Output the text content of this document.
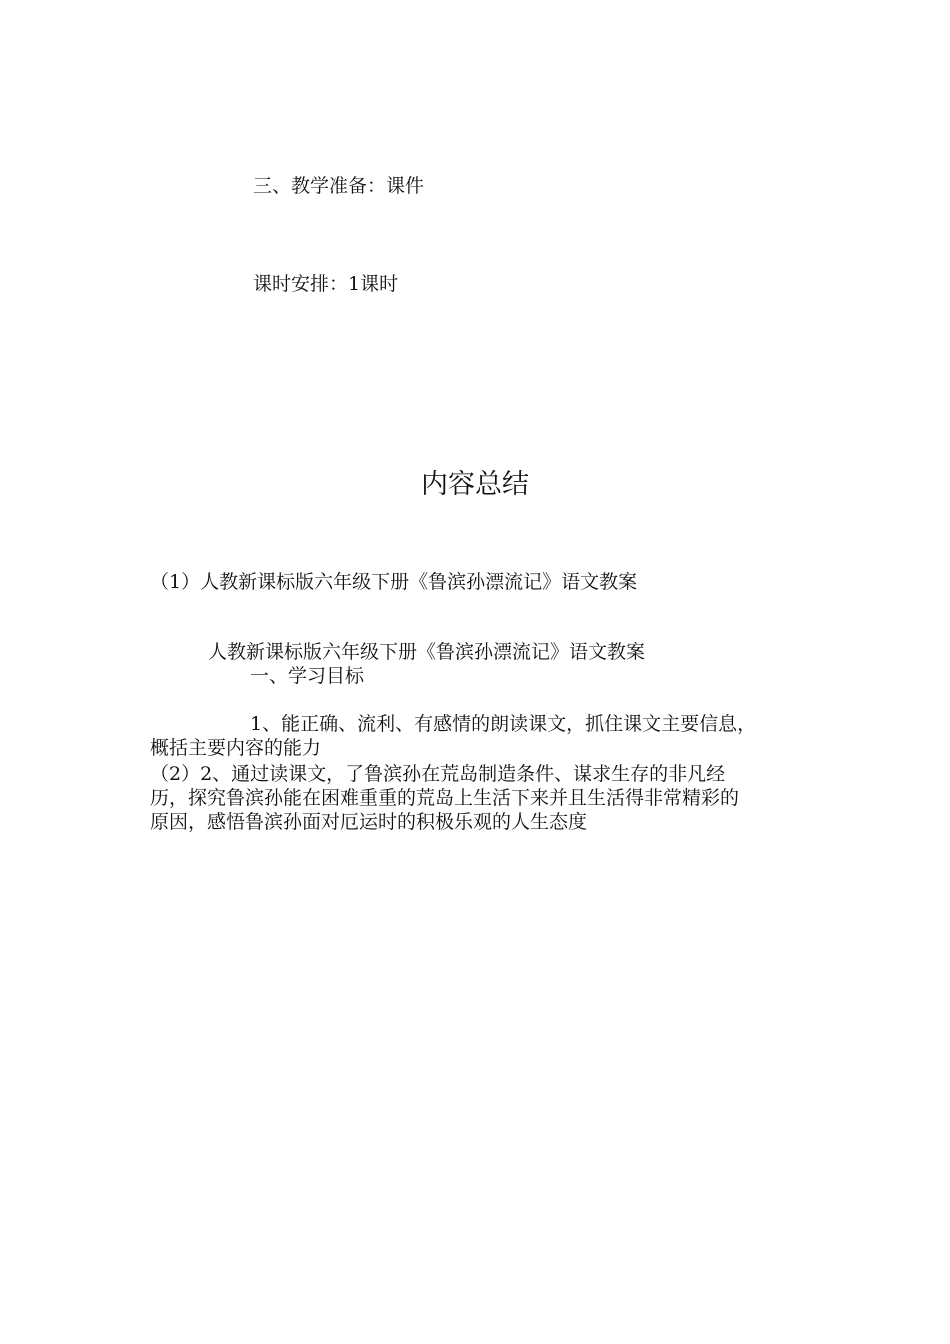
三、教学准备：课件
课时安排：1课时
内容总结
（1）人教新课标版六年级下册《鲁滨孙漂流记》语文教案
人教新课标版六年级下册《鲁滨孙漂流记》语文教案
一、学习目标
1、能正确、流利、有感情的朗读课文，抓住课文主要信息，
概括主要内容的能力
（2）2、通过读课文，了鲁滨孙在荒岛制造条件、谋求生存的非凡经
历，探究鲁滨孙能在困难重重的荒岛上生活下来并且生活得非常精彩的
原因，感悟鲁滨孙面对厄运时的积极乐观的人生态度
